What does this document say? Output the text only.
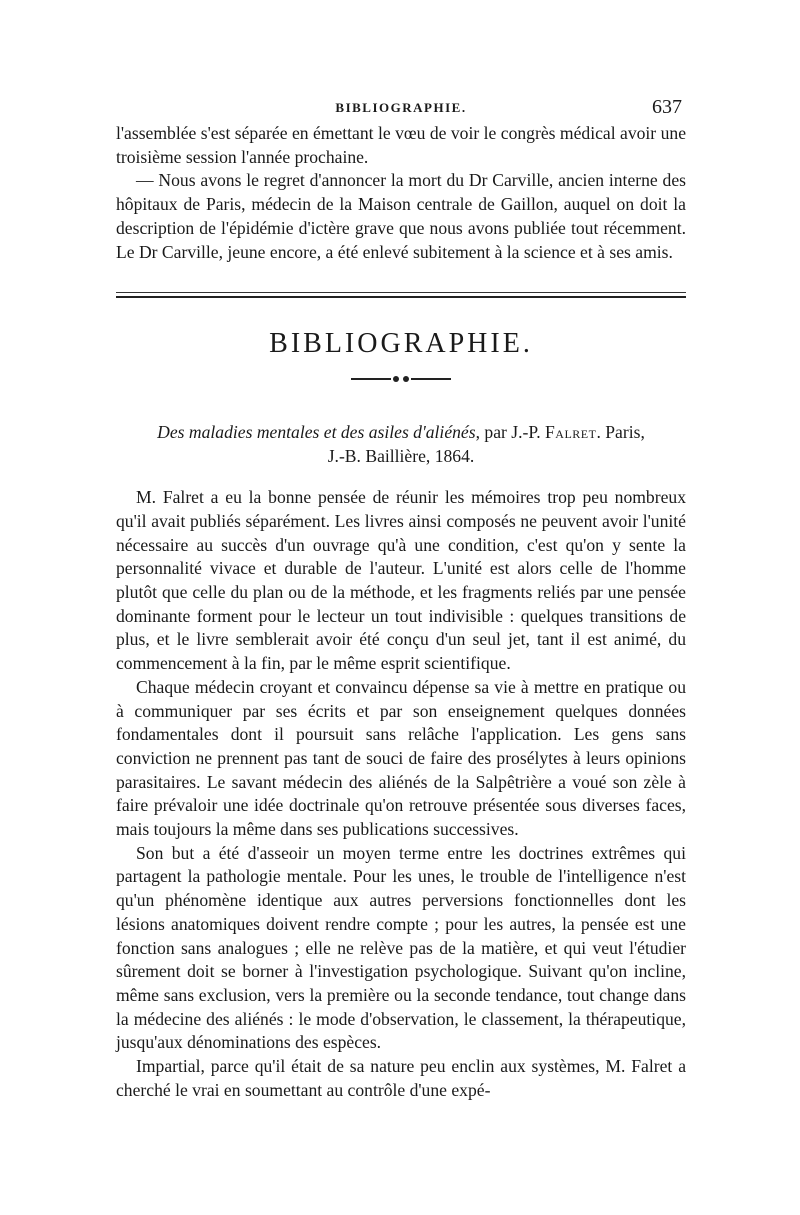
BIBLIOGRAPHIE.	637

l'assemblée s'est séparée en émettant le vœu de voir le congrès médical avoir une troisième session l'année prochaine.

— Nous avons le regret d'annoncer la mort du Dr Carville, ancien interne des hôpitaux de Paris, médecin de la Maison centrale de Gaillon, auquel on doit la description de l'épidémie d'ictère grave que nous avons publiée tout récemment. Le Dr Carville, jeune encore, a été enlevé subitement à la science et à ses amis.

BIBLIOGRAPHIE.
Des maladies mentales et des asiles d'aliénés, par J.-P. Falret. Paris,
J.-B. Baillière, 1864.

M. Falret a eu la bonne pensée de réunir les mémoires trop peu nombreux qu'il avait publiés séparément. Les livres ainsi composés ne peuvent avoir l'unité nécessaire au succès d'un ouvrage qu'à une condition, c'est qu'on y sente la personnalité vivace et durable de l'auteur. L'unité est alors celle de l'homme plutôt que celle du plan ou de la méthode, et les fragments reliés par une pensée dominante forment pour le lecteur un tout indivisible : quelques transitions de plus, et le livre semblerait avoir été conçu d'un seul jet, tant il est animé, du commencement à la fin, par le même esprit scientifique.

Chaque médecin croyant et convaincu dépense sa vie à mettre en pratique ou à communiquer par ses écrits et par son enseignement quelques données fondamentales dont il poursuit sans relâche l'application. Les gens sans conviction ne prennent pas tant de souci de faire des prosélytes à leurs opinions parasitaires. Le savant médecin des aliénés de la Salpêtrière a voué son zèle à faire prévaloir une idée doctrinale qu'on retrouve présentée sous diverses faces, mais toujours la même dans ses publications successives.

Son but a été d'asseoir un moyen terme entre les doctrines extrêmes qui partagent la pathologie mentale. Pour les unes, le trouble de l'intelligence n'est qu'un phénomène identique aux autres perversions fonctionnelles dont les lésions anatomiques doivent rendre compte ; pour les autres, la pensée est une fonction sans analogues ; elle ne relève pas de la matière, et qui veut l'étudier sûrement doit se borner à l'investigation psychologique. Suivant qu'on incline, même sans exclusion, vers la première ou la seconde tendance, tout change dans la médecine des aliénés : le mode d'observation, le classement, la thérapeutique, jusqu'aux dénominations des espèces.

Impartial, parce qu'il était de sa nature peu enclin aux systèmes, M. Falret a cherché le vrai en soumettant au contrôle d'une expé-
